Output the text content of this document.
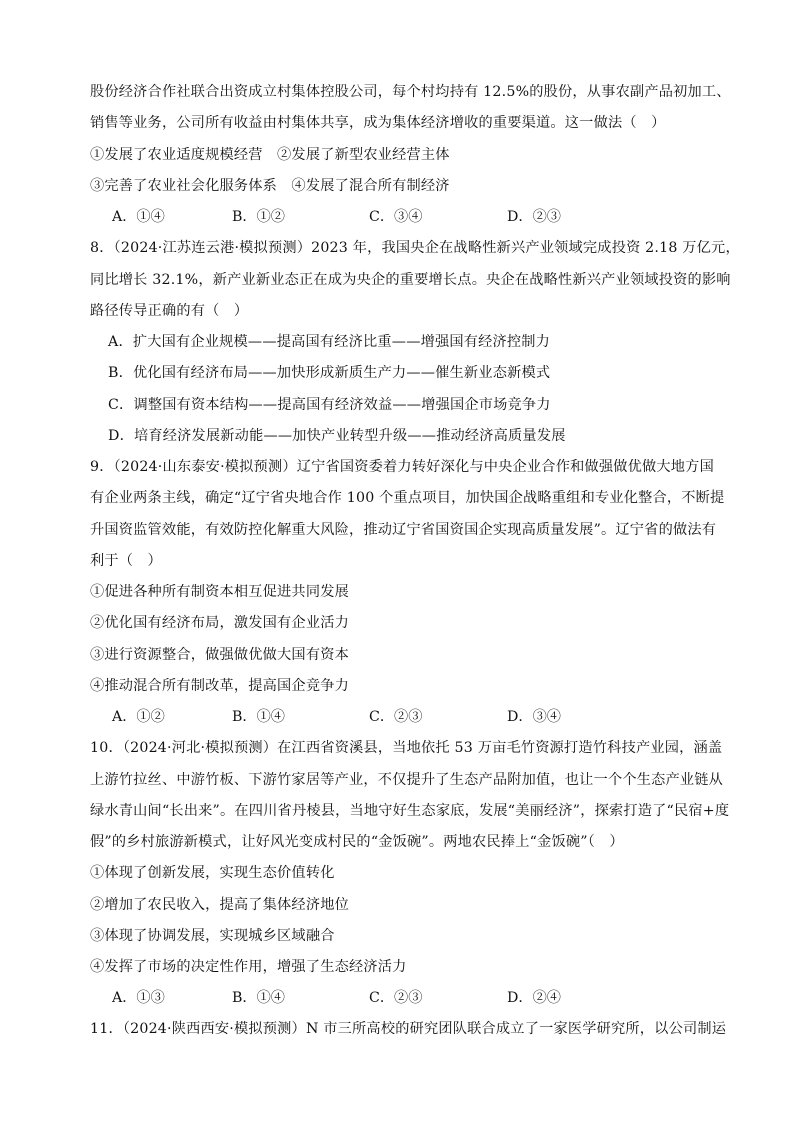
股份经济合作社联合出资成立村集体控股公司，每个村均持有 12.5%的股份，从事农副产品初加工、
销售等业务，公司所有收益由村集体共享，成为集体经济增收的重要渠道。这一做法（　）
①发展了农业适度规模经营　②发展了新型农业经营主体
③完善了农业社会化服务体系　④发展了混合所有制经济
A．①④	B．①②	C．③④	D．②③
8．（2024·江苏连云港·模拟预测）2023 年，我国央企在战略性新兴产业领域完成投资 2.18 万亿元，
同比增长 32.1%，新产业新业态正在成为央企的重要增长点。央企在战略性新兴产业领域投资的影响
路径传导正确的有（　）
A．扩大国有企业规模——提高国有经济比重——增强国有经济控制力
B．优化国有经济布局——加快形成新质生产力——催生新业态新模式
C．调整国有资本结构——提高国有经济效益——增强国企市场竞争力
D．培育经济发展新动能——加快产业转型升级——推动经济高质量发展
9．（2024·山东泰安·模拟预测）辽宁省国资委着力转好深化与中央企业合作和做强做优做大地方国
有企业两条主线，确定“辽宁省央地合作 100 个重点项目，加快国企战略重组和专业化整合，不断提
升国资监管效能，有效防控化解重大风险，推动辽宁省国资国企实现高质量发展”。辽宁省的做法有
利于（　）
①促进各种所有制资本相互促进共同发展
②优化国有经济布局，激发国有企业活力
③进行资源整合，做强做优做大国有资本
④推动混合所有制改革，提高国企竞争力
A．①②	B．①④	C．②③	D．③④
10．（2024·河北·模拟预测）在江西省资溪县，当地依托 53 万亩毛竹资源打造竹科技产业园，涵盖
上游竹拉丝、中游竹板、下游竹家居等产业，不仅提升了生态产品附加值，也让一个个生态产业链从
绿水青山间“长出来”。在四川省丹棱县，当地守好生态家底，发展“美丽经济”，探索打造了“民宿+度
假”的乡村旅游新模式，让好风光变成村民的“金饭碗”。两地农民捧上“金饭碗”（　）
①体现了创新发展，实现生态价值转化
②增加了农民收入，提高了集体经济地位
③体现了协调发展，实现城乡区域融合
④发挥了市场的决定性作用，增强了生态经济活力
A．①③	B．①④	C．②③	D．②④
11．（2024·陕西西安·模拟预测）N 市三所高校的研究团队联合成立了一家医学研究所，以公司制运
